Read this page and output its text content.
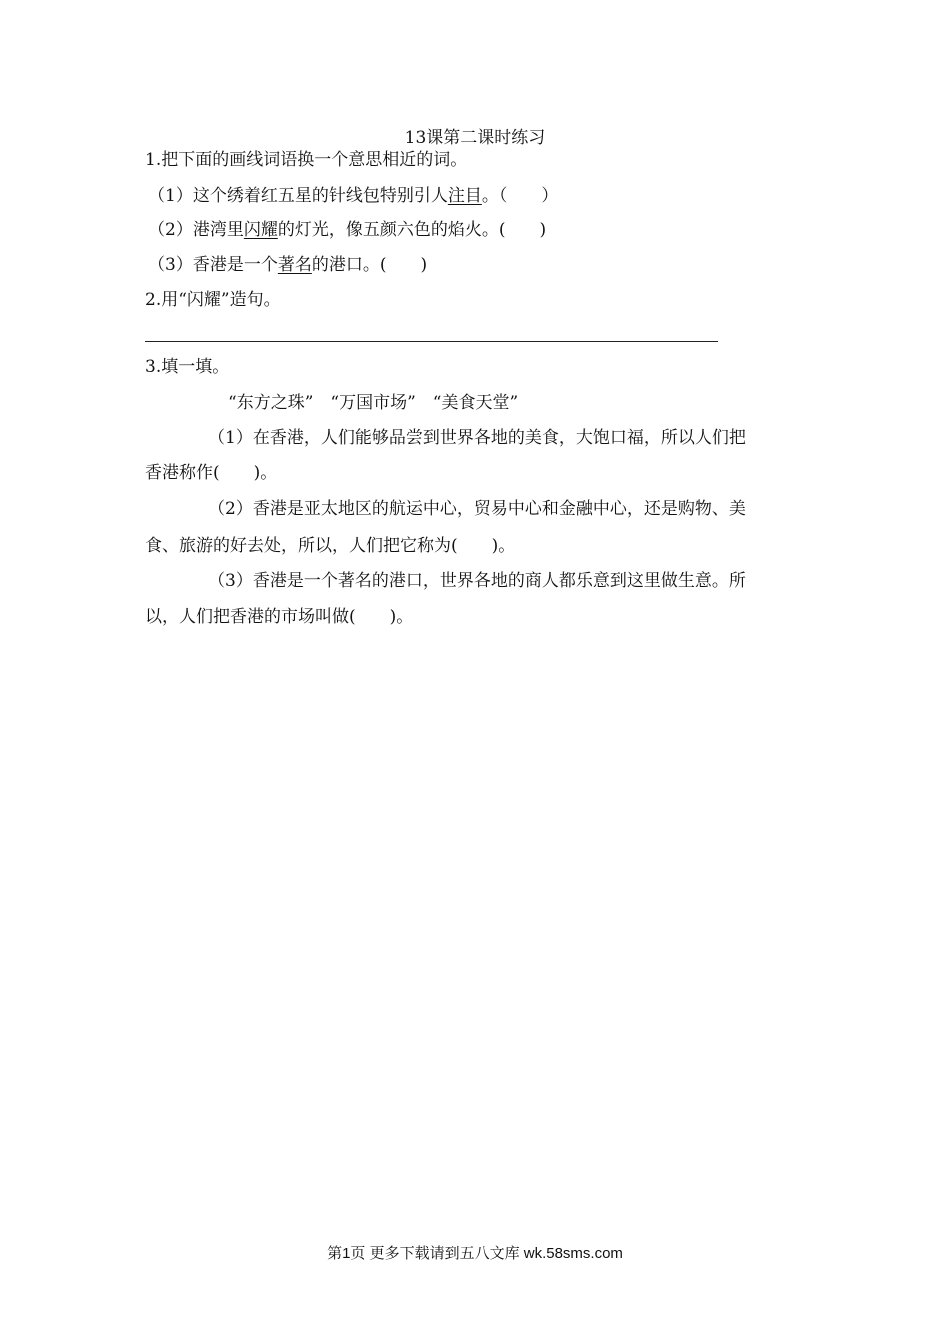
13课第二课时练习
1.把下面的画线词语换一个意思相近的词。
（1）这个绣着红五星的针线包特别引人注目。（　　）
（2）港湾里闪耀的灯光，像五颜六色的焰火。(　　)
（3）香港是一个著名的港口。(　　)
2.用“闪耀”造句。
3.填一填。
“东方之珠”　“万国市场”　“美食天堂”
（1）在香港，人们能够品尝到世界各地的美食，大饱口福，所以人们把
香港称作(　　)。
（2）香港是亚太地区的航运中心，贸易中心和金融中心，还是购物、美
食、旅游的好去处，所以，人们把它称为(　　)。
（3）香港是一个著名的港口，世界各地的商人都乐意到这里做生意。所
以，人们把香港的市场叫做(　　)。
第1页 更多下载请到五八文库 wk.58sms.com
